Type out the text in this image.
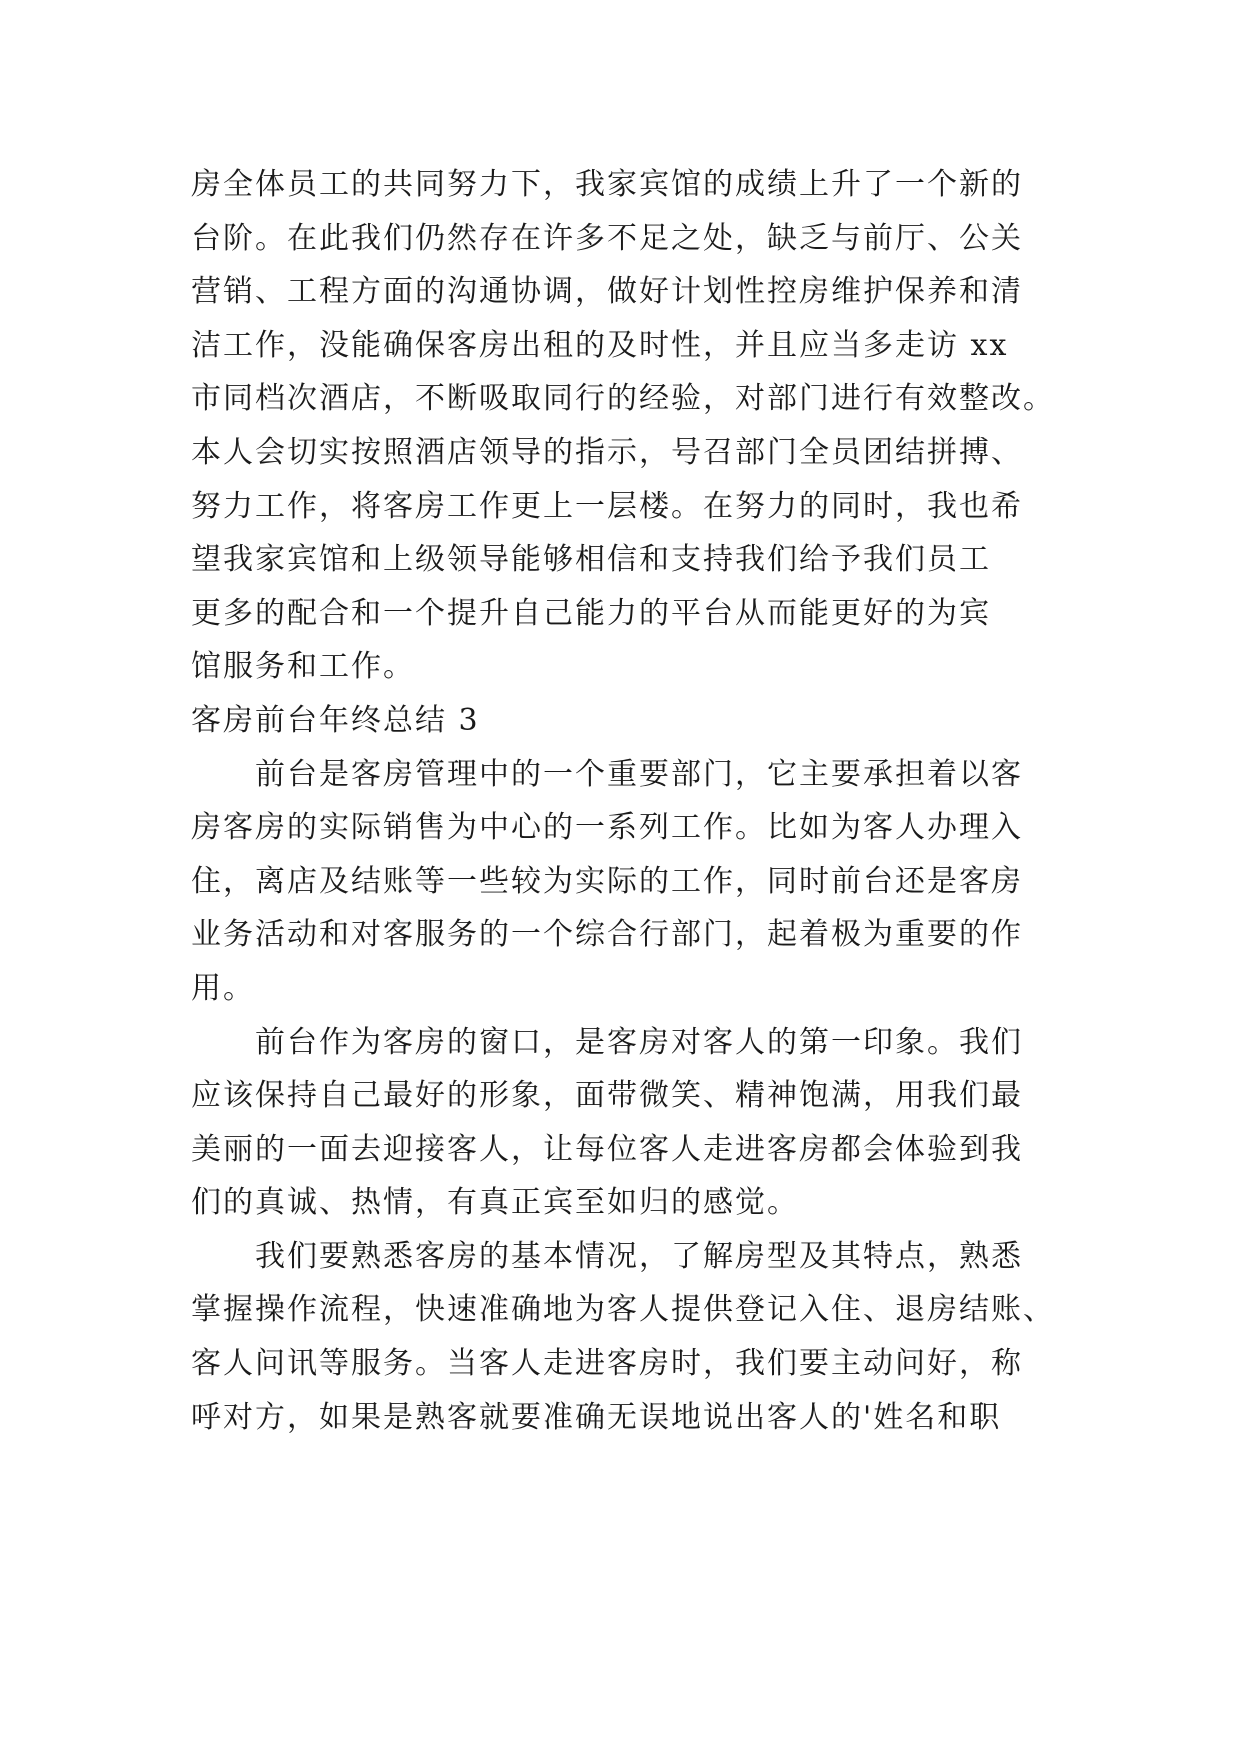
房全体员工的共同努力下，我家宾馆的成绩上升了一个新的
台阶。在此我们仍然存在许多不足之处，缺乏与前厅、公关
营销、工程方面的沟通协调，做好计划性控房维护保养和清
洁工作，没能确保客房出租的及时性，并且应当多走访 xx
市同档次酒店，不断吸取同行的经验，对部门进行有效整改。
本人会切实按照酒店领导的指示，号召部门全员团结拼搏、
努力工作，将客房工作更上一层楼。在努力的同时，我也希
望我家宾馆和上级领导能够相信和支持我们给予我们员工
更多的配合和一个提升自己能力的平台从而能更好的为宾
馆服务和工作。
客房前台年终总结 3
前台是客房管理中的一个重要部门，它主要承担着以客
房客房的实际销售为中心的一系列工作。比如为客人办理入
住，离店及结账等一些较为实际的工作，同时前台还是客房
业务活动和对客服务的一个综合行部门，起着极为重要的作
用。
前台作为客房的窗口，是客房对客人的第一印象。我们
应该保持自己最好的形象，面带微笑、精神饱满，用我们最
美丽的一面去迎接客人，让每位客人走进客房都会体验到我
们的真诚、热情，有真正宾至如归的感觉。
我们要熟悉客房的基本情况，了解房型及其特点，熟悉
掌握操作流程，快速准确地为客人提供登记入住、退房结账、
客人问讯等服务。当客人走进客房时，我们要主动问好，称
呼对方，如果是熟客就要准确无误地说出客人的'姓名和职
